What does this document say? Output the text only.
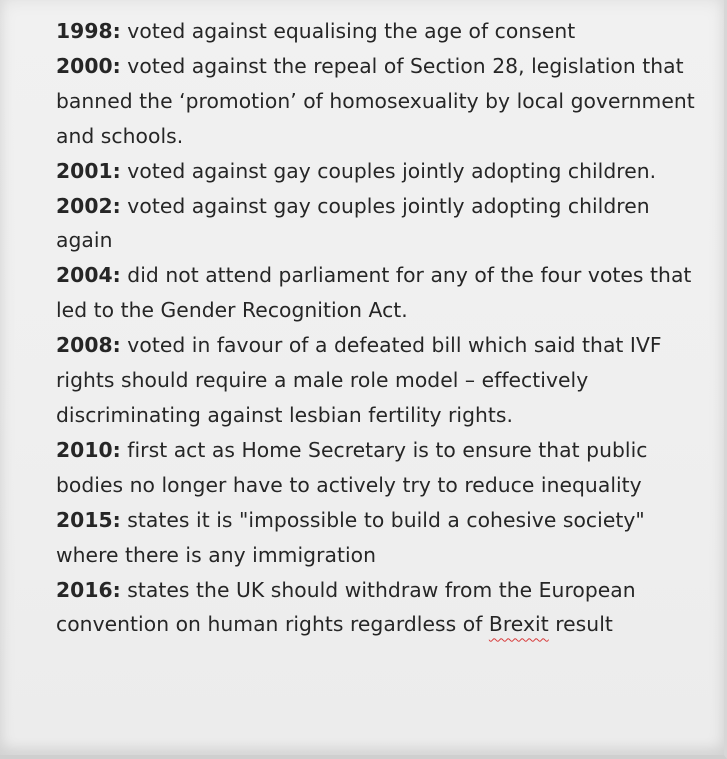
1998: voted against equalising the age of consent

2000: voted against the repeal of Section 28, legislation that banned the ‘promotion’ of homosexuality by local government and schools.

2001: voted against gay couples jointly adopting children.

2002: voted against gay couples jointly adopting children again

2004: did not attend parliament for any of the four votes that led to the Gender Recognition Act.

2008: voted in favour of a defeated bill which said that IVF rights should require a male role model – effectively discriminating against lesbian fertility rights.

2010: first act as Home Secretary is to ensure that public bodies no longer have to actively try to reduce inequality

2015: states it is "impossible to build a cohesive society" where there is any immigration

2016: states the UK should withdraw from the European convention on human rights regardless of Brexit result
